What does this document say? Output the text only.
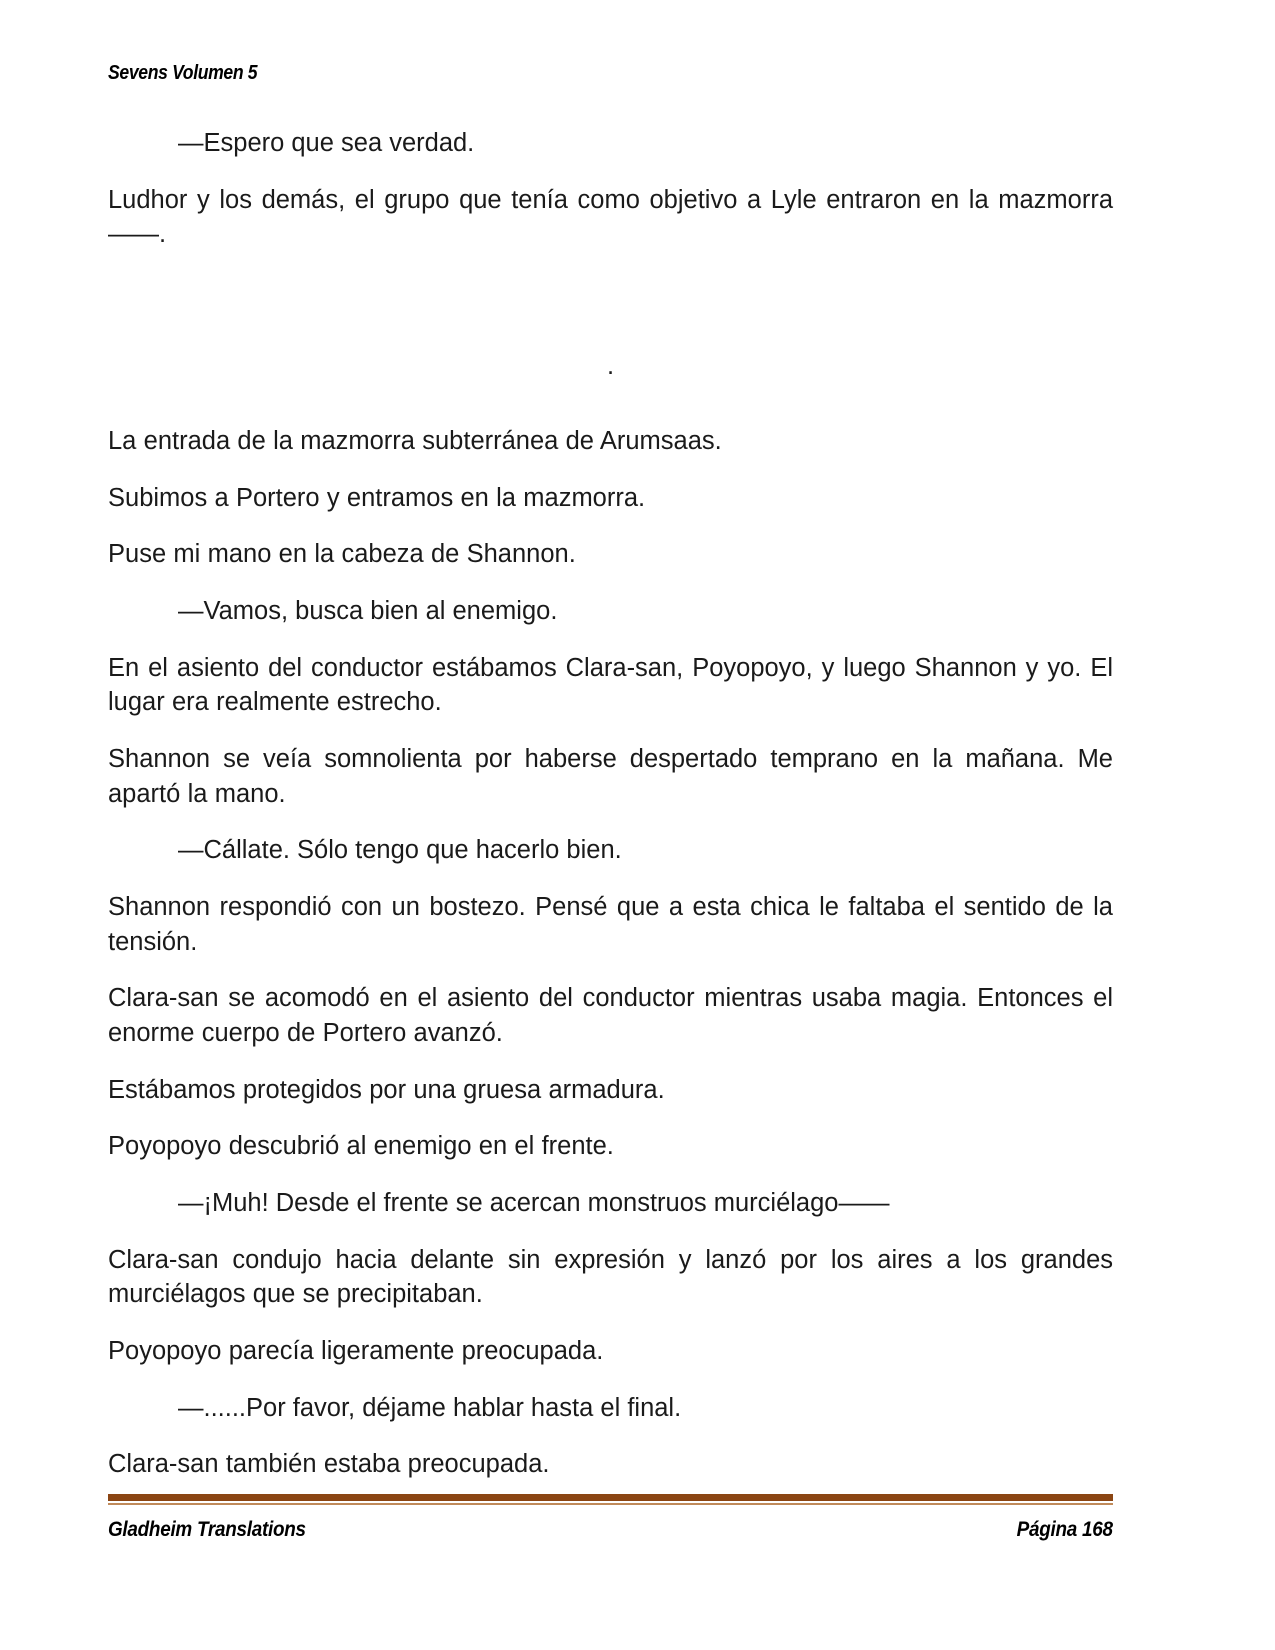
Sevens Volumen 5

—Espero que sea verdad.

Ludhor y los demás, el grupo que tenía como objetivo a Lyle entraron en la mazmorra——.

.

La entrada de la mazmorra subterránea de Arumsaas.

Subimos a Portero y entramos en la mazmorra.

Puse mi mano en la cabeza de Shannon.

—Vamos, busca bien al enemigo.

En el asiento del conductor estábamos Clara-san, Poyopoyo, y luego Shannon y yo. El lugar era realmente estrecho.

Shannon se veía somnolienta por haberse despertado temprano en la mañana. Me apartó la mano.

—Cállate. Sólo tengo que hacerlo bien.

Shannon respondió con un bostezo. Pensé que a esta chica le faltaba el sentido de la tensión.

Clara-san se acomodó en el asiento del conductor mientras usaba magia. Entonces el enorme cuerpo de Portero avanzó.

Estábamos protegidos por una gruesa armadura.

Poyopoyo descubrió al enemigo en el frente.

—¡Muh! Desde el frente se acercan monstruos murciélago——

Clara-san condujo hacia delante sin expresión y lanzó por los aires a los grandes murciélagos que se precipitaban.

Poyopoyo parecía ligeramente preocupada.

—......Por favor, déjame hablar hasta el final.

Clara-san también estaba preocupada.

Gladheim Translations	Página 168
